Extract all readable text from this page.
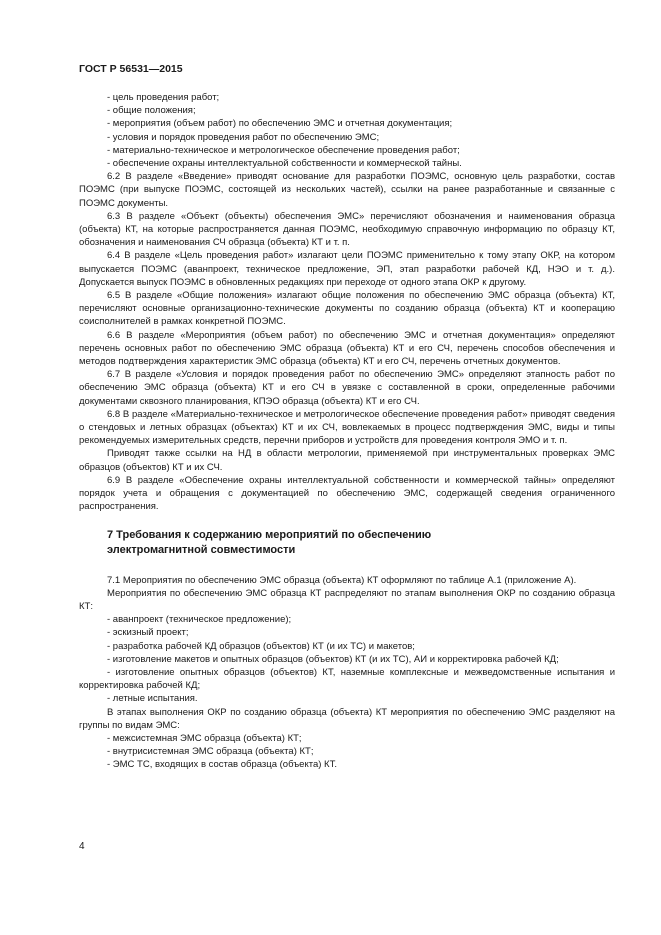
ГОСТ Р 56531—2015

- цель проведения работ;

- общие положения;

- мероприятия (объем работ) по обеспечению ЭМС и отчетная документация;

- условия и порядок проведения работ по обеспечению ЭМС;

- материально-техническое и метрологическое обеспечение проведения работ;

- обеспечение охраны интеллектуальной собственности и коммерческой тайны.

6.2 В разделе «Введение» приводят основание для разработки ПОЭМС, основную цель разработки, состав ПОЭМС (при выпуске ПОЭМС, состоящей из нескольких частей), ссылки на ранее разработанные и связанные с ПОЭМС документы.

6.3 В разделе «Объект (объекты) обеспечения ЭМС» перечисляют обозначения и наименования образца (объекта) КТ, на которые распространяется данная ПОЭМС, необходимую справочную информацию по образцу КТ, обозначения и наименования СЧ образца (объекта) КТ и т. п.

6.4 В разделе «Цель проведения работ» излагают цели ПОЭМС применительно к тому этапу ОКР, на котором выпускается ПОЭМС (аванпроект, техническое предложение, ЭП, этап разработки рабочей КД, НЭО и т. д.). Допускается выпуск ПОЭМС в обновленных редакциях при переходе от одного этапа ОКР к другому.

6.5 В разделе «Общие положения» излагают общие положения по обеспечению ЭМС образца (объекта) КТ, перечисляют основные организационно-технические документы по созданию образца (объекта) КТ и кооперацию соисполнителей в рамках конкретной ПОЭМС.

6.6 В разделе «Мероприятия (объем работ) по обеспечению ЭМС и отчетная документация» определяют перечень основных работ по обеспечению ЭМС образца (объекта) КТ и его СЧ, перечень способов обеспечения и методов подтверждения характеристик ЭМС образца (объекта) КТ и его СЧ, перечень отчетных документов.

6.7 В разделе «Условия и порядок проведения работ по обеспечению ЭМС» определяют этапность работ по обеспечению ЭМС образца (объекта) КТ и его СЧ в увязке с составленной в сроки, определенные рабочими документами сквозного планирования, КПЭО образца (объекта) КТ и его СЧ.

6.8 В разделе «Материально-техническое и метрологическое обеспечение проведения работ» приводят сведения о стендовых и летных образцах (объектах) КТ и их СЧ, вовлекаемых в процесс подтверждения ЭМС, виды и типы рекомендуемых измерительных средств, перечни приборов и устройств для проведения контроля ЭМО и т. п.

Приводят также ссылки на НД в области метрологии, применяемой при инструментальных проверках ЭМС образцов (объектов) КТ и их СЧ.

6.9 В разделе «Обеспечение охраны интеллектуальной собственности и коммерческой тайны» определяют порядок учета и обращения с документацией по обеспечению ЭМС, содержащей сведения ограниченного распространения.

7 Требования к содержанию мероприятий по обеспечению
электромагнитной совместимости

7.1 Мероприятия по обеспечению ЭМС образца (объекта) КТ оформляют по таблице А.1 (приложение А).

Мероприятия по обеспечению ЭМС образца КТ распределяют по этапам выполнения ОКР по созданию образца КТ:

- аванпроект (техническое предложение);

- эскизный проект;

- разработка рабочей КД образцов (объектов) КТ (и их ТС) и макетов;

- изготовление макетов и опытных образцов (объектов) КТ (и их ТС), АИ и корректировка рабочей КД;

- изготовление опытных образцов (объектов) КТ, наземные комплексные и межведомственные испытания и корректировка рабочей КД;

- летные испытания.

В этапах выполнения ОКР по созданию образца (объекта) КТ мероприятия по обеспечению ЭМС разделяют на группы по видам ЭМС:

- межсистемная ЭМС образца (объекта) КТ;

- внутрисистемная ЭМС образца (объекта) КТ;

- ЭМС ТС, входящих в состав образца (объекта) КТ.

4
